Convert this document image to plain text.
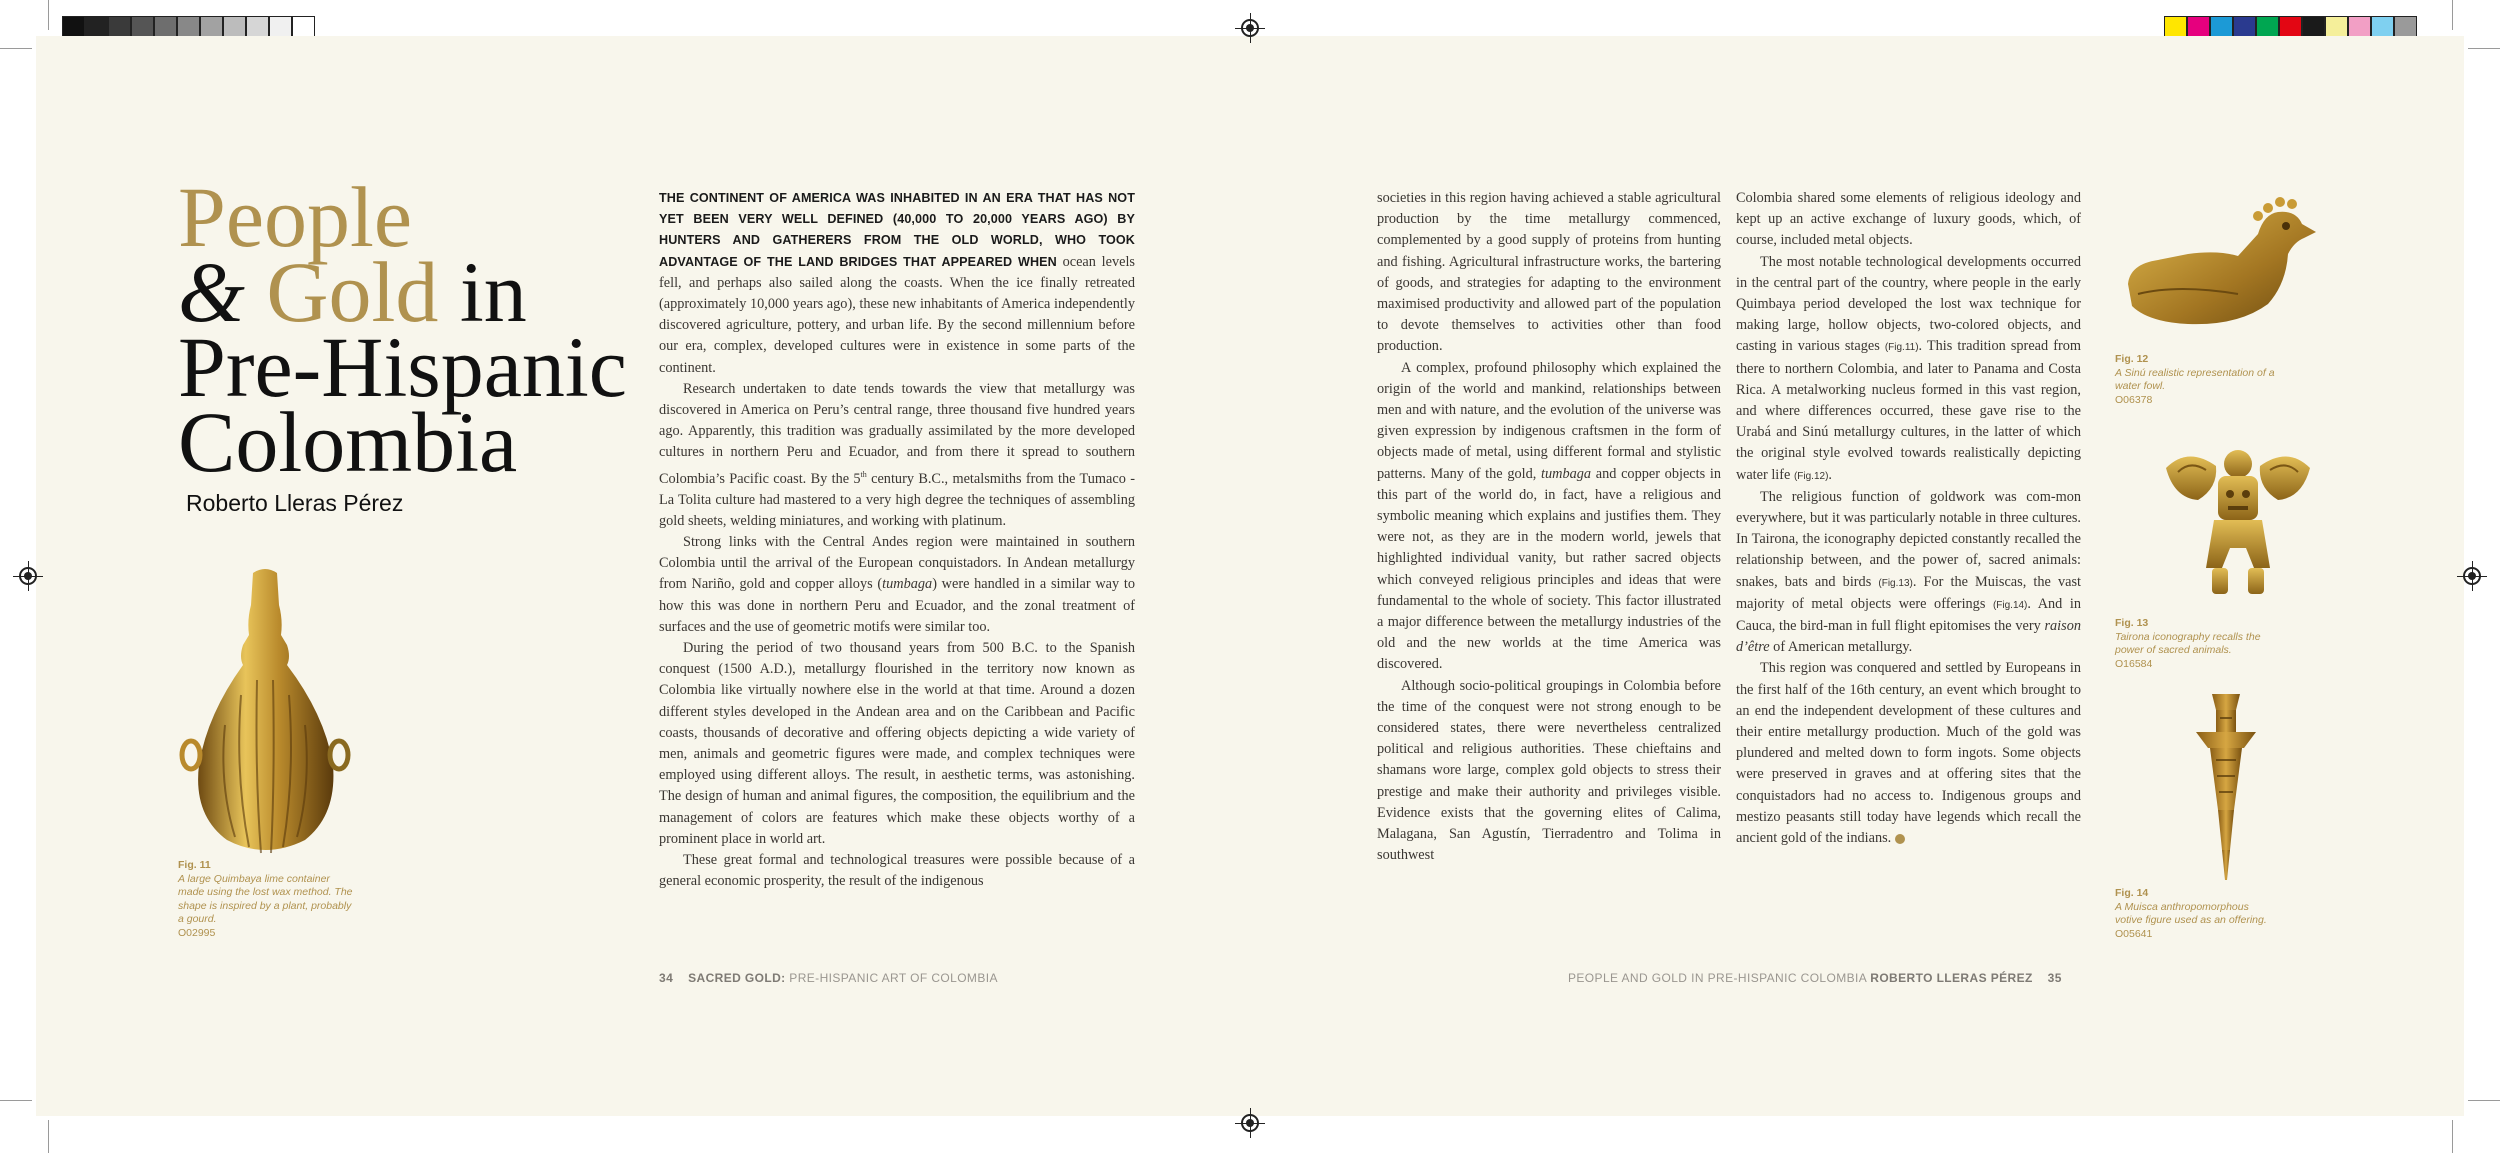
People
& Gold in
Pre-Hispanic
Colombia
Roberto Lleras Pérez
Fig. 11
A large Quimbaya lime container made using the lost wax method. The shape is inspired by a plant, probably a gourd.
O02995

THE CONTINENT OF AMERICA WAS INHABITED IN AN ERA THAT HAS NOT YET BEEN VERY WELL DEFINED (40,000 TO 20,000 YEARS AGO) BY HUNTERS AND GATHERERS FROM THE OLD WORLD, WHO TOOK ADVANTAGE OF THE LAND BRIDGES THAT APPEARED WHEN ocean levels fell, and perhaps also sailed along the coasts. When the ice finally retreated (approximately 10,000 years ago), these new inhabitants of America independently discovered agriculture, pottery, and urban life. By the second millennium before our era, complex, developed cultures were in existence in some parts of the continent.

Research undertaken to date tends towards the view that metallurgy was discovered in America on Peru’s central range, three thousand five hundred years ago. Apparently, this tradition was gradually assimilated by the more developed cultures in northern Peru and Ecuador, and from there it spread to southern Colombia’s Pacific coast. By the 5th century B.C., metalsmiths from the Tumaco - La Tolita culture had mastered to a very high degree the techniques of assembling gold sheets, welding miniatures, and working with platinum.

Strong links with the Central Andes region were maintained in southern Colombia until the arrival of the European conquistadors. In Andean metallurgy from Nariño, gold and copper alloys (tumbaga) were handled in a similar way to how this was done in northern Peru and Ecuador, and the zonal treatment of surfaces and the use of geometric motifs were similar too.

During the period of two thousand years from 500 B.C. to the Spanish conquest (1500 A.D.), metallurgy flourished in the territory now known as Colombia like virtually nowhere else in the world at that time. Around a dozen different styles developed in the Andean area and on the Caribbean and Pacific coasts, thousands of decorative and offering objects depicting a wide variety of men, animals and geometric figures were made, and complex techniques were employed using different alloys. The result, in aesthetic terms, was astonishing. The design of human and animal figures, the composition, the equilibrium and the management of colors are features which make these objects worthy of a prominent place in world art.

These great formal and technological treasures were possible because of a general economic prosperity, the result of the indigenous

societies in this region having achieved a stable agricultural production by the time metallurgy commenced, complemented by a good supply of proteins from hunting and fishing. Agricultural infrastructure works, the bartering of goods, and strategies for adapting to the environment maximised productivity and allowed part of the population to devote themselves to activities other than food production.

A complex, profound philosophy which explained the origin of the world and mankind, relationships between men and with nature, and the evolution of the universe was given expression by indigenous craftsmen in the form of objects made of metal, using different formal and stylistic patterns. Many of the gold, tumbaga and copper objects in this part of the world do, in fact, have a religious and symbolic meaning which explains and justifies them. They were not, as they are in the modern world, jewels that highlighted individual vanity, but rather sacred objects which conveyed religious principles and ideas that were fundamental to the whole of society. This factor illustrated a major difference between the metallurgy industries of the old and the new worlds at the time America was discovered.

Although socio-political groupings in Colombia before the time of the conquest were not strong enough to be considered states, there were nevertheless centralized political and religious authorities. These chieftains and shamans wore large, complex gold objects to stress their prestige and make their authority and privileges visible. Evidence exists that the governing elites of Calima, Malagana, San Agustín, Tierradentro and Tolima in southwest

Colombia shared some elements of religious ideology and kept up an active exchange of luxury goods, which, of course, included metal objects.

The most notable technological developments occurred in the central part of the country, where people in the early Quimbaya period developed the lost wax technique for making large, hollow objects, two-colored objects, and casting in various stages (Fig.11). This tradition spread from there to northern Colombia, and later to Panama and Costa Rica. A metalworking nucleus formed in this vast region, and where differences occurred, these gave rise to the Urabá and Sinú metallurgy cultures, in the latter of which the original style evolved towards realistically depicting water life (Fig.12).

The religious function of goldwork was com-mon everywhere, but it was particularly notable in three cultures. In Tairona, the iconography depicted constantly recalled the relationship between, and the power of, sacred animals: snakes, bats and birds (Fig.13). For the Muiscas, the vast majority of metal objects were offerings (Fig.14). And in Cauca, the bird-man in full flight epitomises the very raison d’être of American metallurgy.

This region was conquered and settled by Europeans in the first half of the 16th century, an event which brought to an end the independent development of these cultures and their entire metallurgy production. Much of the gold was plundered and melted down to form ingots. Some objects were preserved in graves and at offering sites that the conquistadors had no access to. Indigenous groups and mestizo peasants still today have legends which recall the ancient gold of the indians.

Fig. 12
A Sinú realistic representation of a water fowl.
O06378
Fig. 13
Tairona iconography recalls the power of sacred animals.
O16584
Fig. 14
A Muisca anthropomorphous votive figure used as an offering.
O05641
34 SACRED GOLD: PRE-HISPANIC ART OF COLOMBIA	PEOPLE AND GOLD IN PRE-HISPANIC COLOMBIA ROBERTO LLERAS PÉREZ 35
